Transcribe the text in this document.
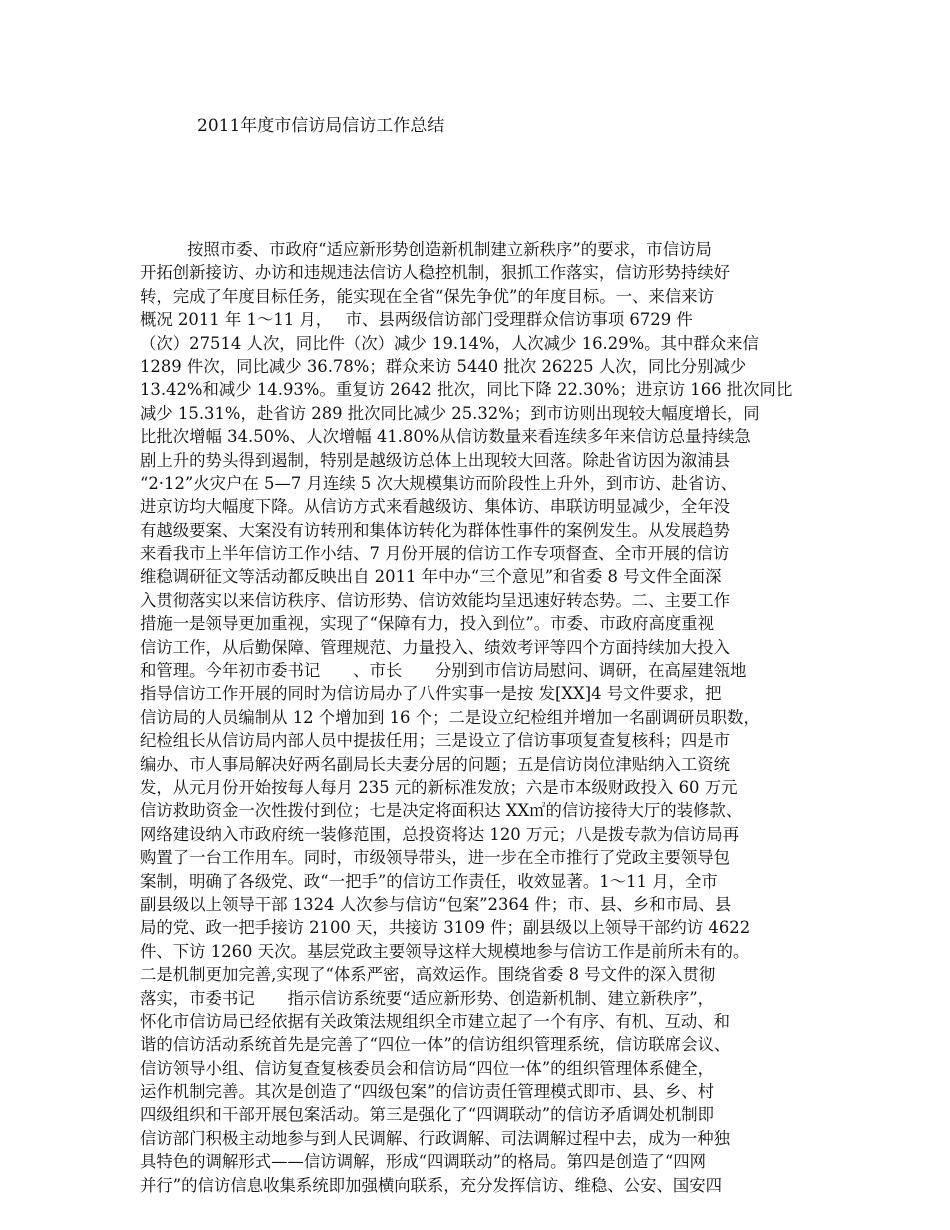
2011年度市信访局信访工作总结
按照市委、市政府“适应新形势创造新机制建立新秩序”的要求，市信访局
开拓创新接访、办访和违规违法信访人稳控机制，狠抓工作落实，信访形势持续好
转，完成了年度目标任务，能实现在全省“保先争优”的年度目标。一、来信来访
概况 2011 年 1～11 月，　 市、县两级信访部门受理群众信访事项 6729 件
（次）27514 人次，同比件（次）减少 19.14%，人次减少 16.29%。其中群众来信
1289 件次，同比减少 36.78%；群众来访 5440 批次 26225 人次，同比分别减少
13.42%和减少 14.93%。重复访 2642 批次，同比下降 22.30%；进京访 166 批次同比
减少 15.31%，赴省访 289 批次同比减少 25.32%；到市访则出现较大幅度增长，同
比批次增幅 34.50%、人次增幅 41.80%从信访数量来看连续多年来信访总量持续急
剧上升的势头得到遏制，特别是越级访总体上出现较大回落。除赴省访因为溆浦县
“2·12”火灾户在 5—7 月连续 5 次大规模集访而阶段性上升外，到市访、赴省访、
进京访均大幅度下降。从信访方式来看越级访、集体访、串联访明显减少，全年没
有越级要案、大案没有访转刑和集体访转化为群体性事件的案例发生。从发展趋势
来看我市上半年信访工作小结、7 月份开展的信访工作专项督查、全市开展的信访
维稳调研征文等活动都反映出自 2011 年中办“三个意见”和省委 8 号文件全面深
入贯彻落实以来信访秩序、信访形势、信访效能均呈迅速好转态势。二、主要工作
措施一是领导更加重视，实现了“保障有力，投入到位”。市委、市政府高度重视
信访工作，从后勤保障、管理规范、力量投入、绩效考评等四个方面持续加大投入
和管理。今年初市委书记　　、市长　　分别到市信访局慰问、调研，在高屋建瓴地
指导信访工作开展的同时为信访局办了八件实事一是按 发[XX]4 号文件要求，把
信访局的人员编制从 12 个增加到 16 个；二是设立纪检组并增加一名副调研员职数，
纪检组长从信访局内部人员中提拔任用；三是设立了信访事项复查复核科；四是市
编办、市人事局解决好两名副局长夫妻分居的问题；五是信访岗位津贴纳入工资统
发，从元月份开始按每人每月 235 元的新标准发放；六是市本级财政投入 60 万元
信访救助资金一次性拨付到位；七是决定将面积达 XX㎡的信访接待大厅的装修款、
网络建设纳入市政府统一装修范围，总投资将达 120 万元；八是拨专款为信访局再
购置了一台工作用车。同时，市级领导带头，进一步在全市推行了党政主要领导包
案制，明确了各级党、政“一把手”的信访工作责任，收效显著。1～11 月，全市
副县级以上领导干部 1324 人次参与信访“包案”2364 件；市、县、乡和市局、县
局的党、政一把手接访 2100 天，共接访 3109 件；副县级以上领导干部约访 4622
件、下访 1260 天次。基层党政主要领导这样大规模地参与信访工作是前所未有的。
二是机制更加完善,实现了“体系严密，高效运作。围绕省委 8 号文件的深入贯彻
落实，市委书记　　指示信访系统要“适应新形势、创造新机制、建立新秩序”，
怀化市信访局已经依据有关政策法规组织全市建立起了一个有序、有机、互动、和
谐的信访活动系统首先是完善了“四位一体”的信访组织管理系统，信访联席会议、
信访领导小组、信访复查复核委员会和信访局“四位一体”的组织管理体系健全，
运作机制完善。其次是创造了“四级包案”的信访责任管理模式即市、县、乡、村
四级组织和干部开展包案活动。第三是强化了“四调联动”的信访矛盾调处机制即
信访部门积极主动地参与到人民调解、行政调解、司法调解过程中去，成为一种独
具特色的调解形式——信访调解，形成“四调联动”的格局。第四是创造了“四网
并行”的信访信息收集系统即加强横向联系，充分发挥信访、维稳、公安、国安四
